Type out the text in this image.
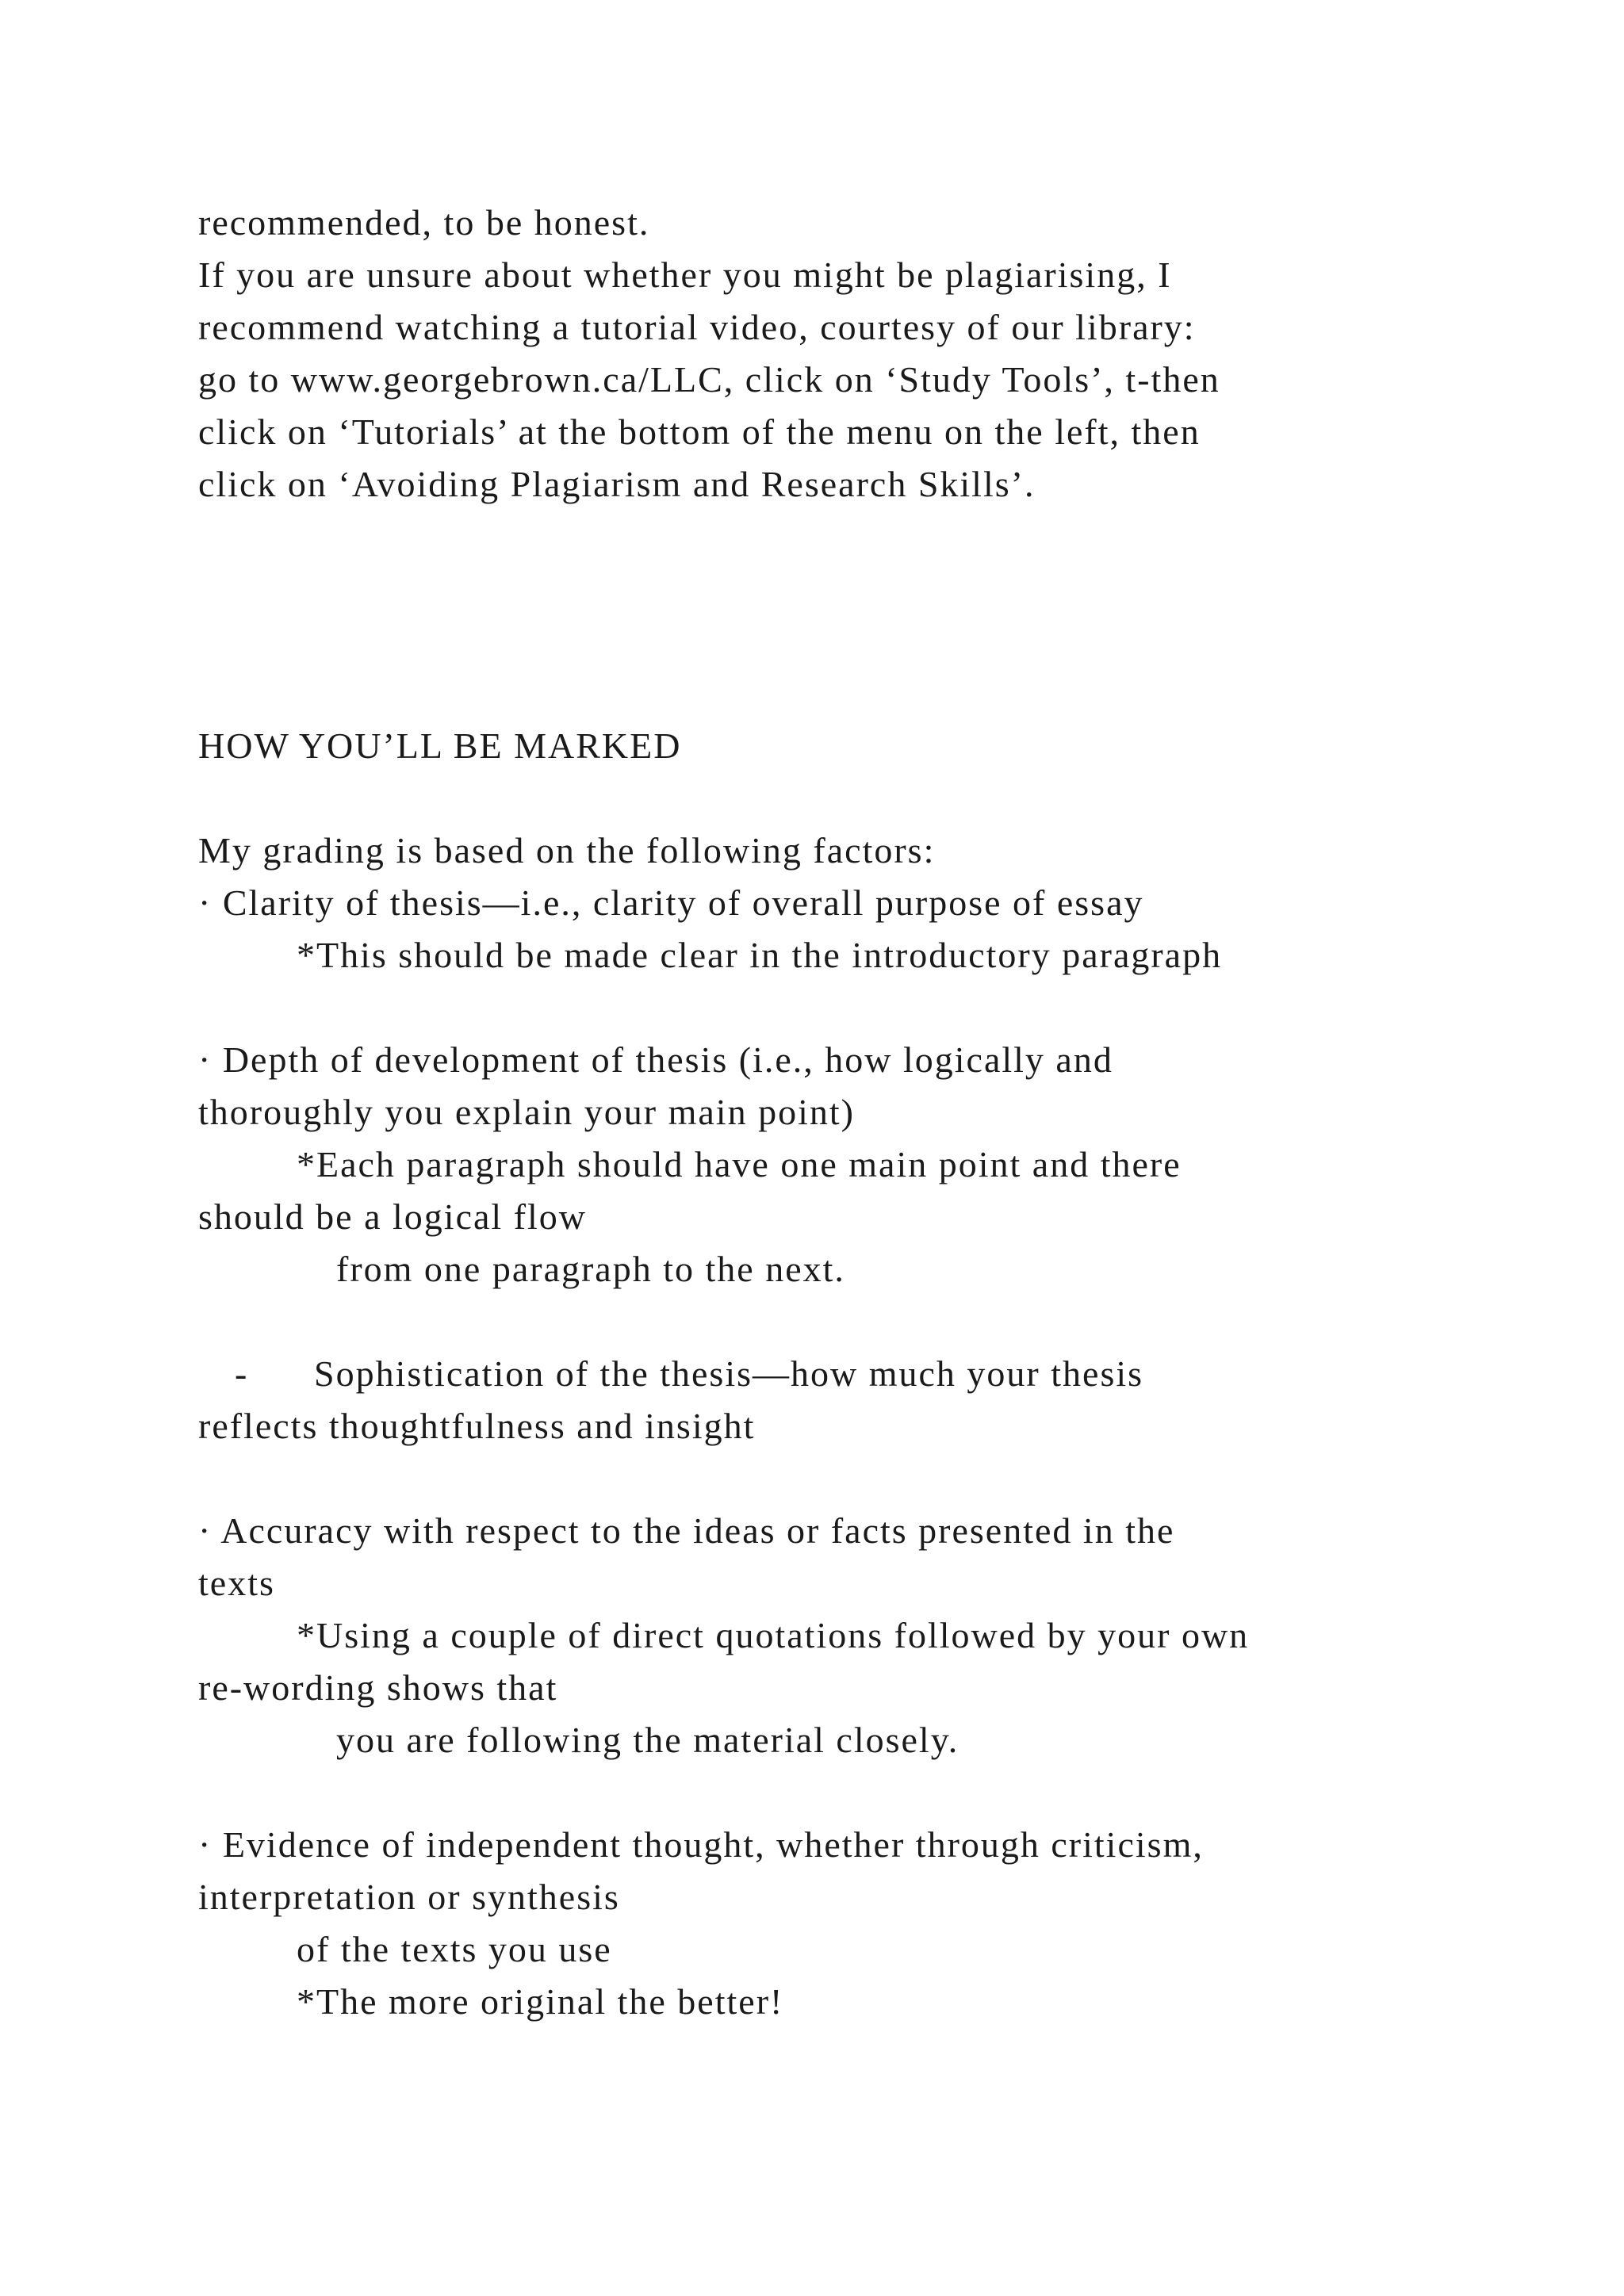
recommended, to be honest.
If you are unsure about whether you might be plagiarising, I
recommend watching a tutorial video, courtesy of our library:
go to www.georgebrown.ca/LLC, click on ‘Study Tools’, t-then
click on ‘Tutorials’ at the bottom of the menu on the left, then
click on ‘Avoiding Plagiarism and Research Skills’.
HOW YOU’LL BE MARKED
My grading is based on the following factors:
· Clarity of thesis—i.e., clarity of overall purpose of essay
*This should be made clear in the introductory paragraph
· Depth of development of thesis (i.e., how logically and
thoroughly you explain your main point)
*Each paragraph should have one main point and there
should be a logical flow
from one paragraph to the next.
- Sophistication of the thesis—how much your thesis
reflects thoughtfulness and insight
· Accuracy with respect to the ideas or facts presented in the
texts
*Using a couple of direct quotations followed by your own
re-wording shows that
you are following the material closely.
· Evidence of independent thought, whether through criticism,
interpretation or synthesis
of the texts you use
*The more original the better!
